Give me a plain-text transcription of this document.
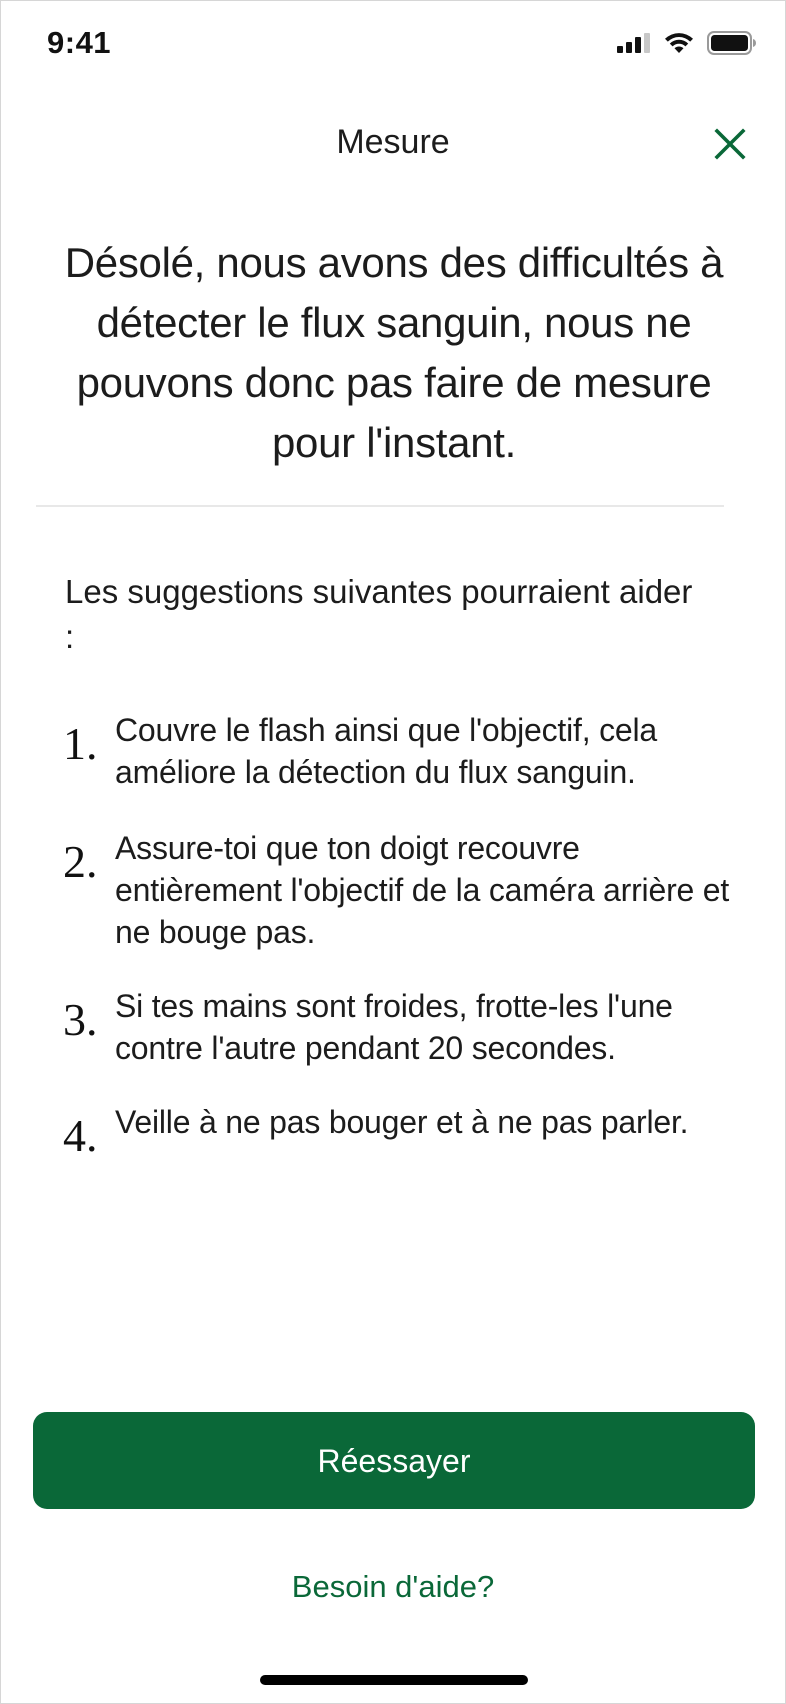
9:41
Mesure
Désolé, nous avons des difficultés à détecter le flux sanguin, nous ne pouvons donc pas faire de mesure pour l'instant.
Les suggestions suivantes pourraient aider :
1. Couvre le flash ainsi que l'objectif, cela améliore la détection du flux sanguin.
2. Assure-toi que ton doigt recouvre entièrement l'objectif de la caméra arrière et ne bouge pas.
3. Si tes mains sont froides, frotte-les l'une contre l'autre pendant 20 secondes.
4. Veille à ne pas bouger et à ne pas parler.
Réessayer
Besoin d'aide?
